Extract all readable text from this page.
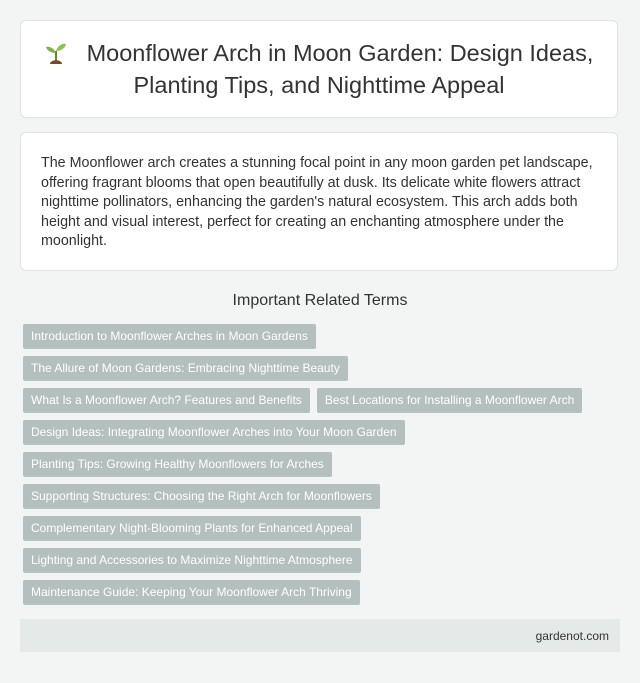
Moonflower Arch in Moon Garden: Design Ideas, Planting Tips, and Nighttime Appeal

The Moonflower arch creates a stunning focal point in any moon garden pet landscape, offering fragrant blooms that open beautifully at dusk. Its delicate white flowers attract nighttime pollinators, enhancing the garden's natural ecosystem. This arch adds both height and visual interest, perfect for creating an enchanting atmosphere under the moonlight.

Important Related Terms
Introduction to Moonflower Arches in Moon Gardens
The Allure of Moon Gardens: Embracing Nighttime Beauty
What Is a Moonflower Arch? Features and Benefits	Best Locations for Installing a Moonflower Arch
Design Ideas: Integrating Moonflower Arches into Your Moon Garden
Planting Tips: Growing Healthy Moonflowers for Arches
Supporting Structures: Choosing the Right Arch for Moonflowers
Complementary Night-Blooming Plants for Enhanced Appeal
Lighting and Accessories to Maximize Nighttime Atmosphere
Maintenance Guide: Keeping Your Moonflower Arch Thriving
gardenot.com
